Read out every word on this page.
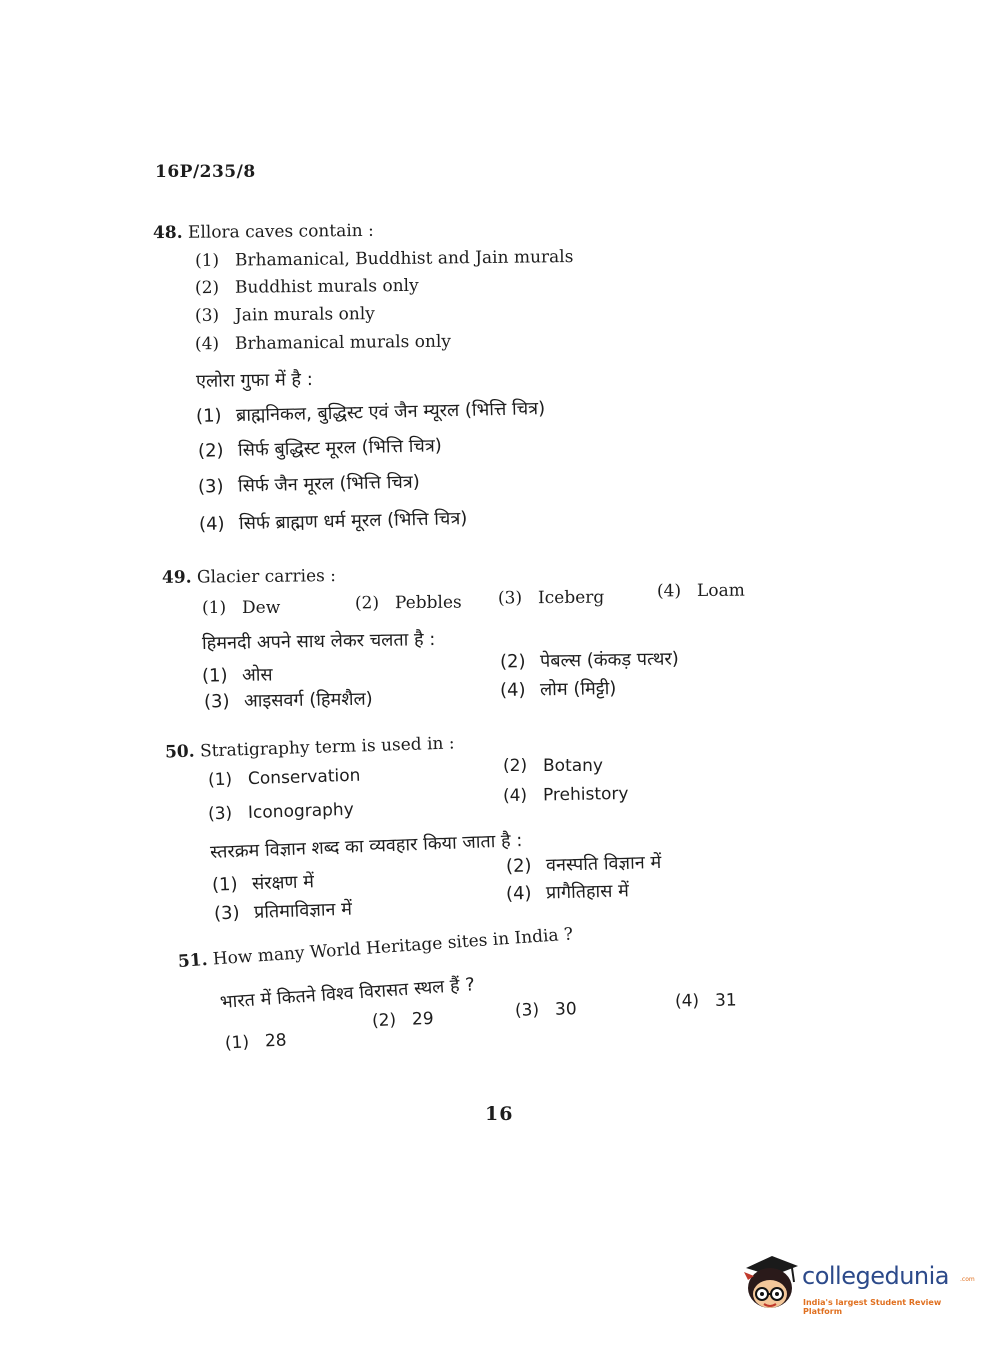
16P/235/8
48. Ellora caves contain :
(1) Brhamanical, Buddhist and Jain murals
(2) Buddhist murals only
(3) Jain murals only
(4) Brhamanical murals only
एलोरा गुफा में है :
(1) ब्राह्मनिकल, बुद्धिस्ट एवं जैन म्यूरल (भित्ति चित्र)
(2) सिर्फ बुद्धिस्ट मूरल (भित्ति चित्र)
(3) सिर्फ जैन मूरल (भित्ति चित्र)
(4) सिर्फ ब्राह्मण धर्म मूरल (भित्ति चित्र)
49. Glacier carries :
(1) Dew	(2) Pebbles (3) Iceberg	(4) Loam
हिमनदी अपने साथ लेकर चलता है :
(1) ओस
(2) पेबल्स (कंकड़ पत्थर)
(3) आइसवर्ग (हिमशैल)	(4) लोम (मिट्टी)
50. Stratigraphy term is used in :
(1) Conservation	(2) Botany
(3) Iconography
(4) Prehistory
स्तरक्रम विज्ञान शब्द का व्यवहार किया जाता है :
(1) संरक्षण में
(2) वनस्पति विज्ञान में
(3) प्रतिमाविज्ञान में
(4) प्रागैतिहास में
51. How many World Heritage sites in India ?
भारत में कितने विश्व विरासत स्थल हैं ?
(1) 28
(2) 29	(3) 30	(4) 31
16
collegedunia .com
India's largest Student Review Platform
